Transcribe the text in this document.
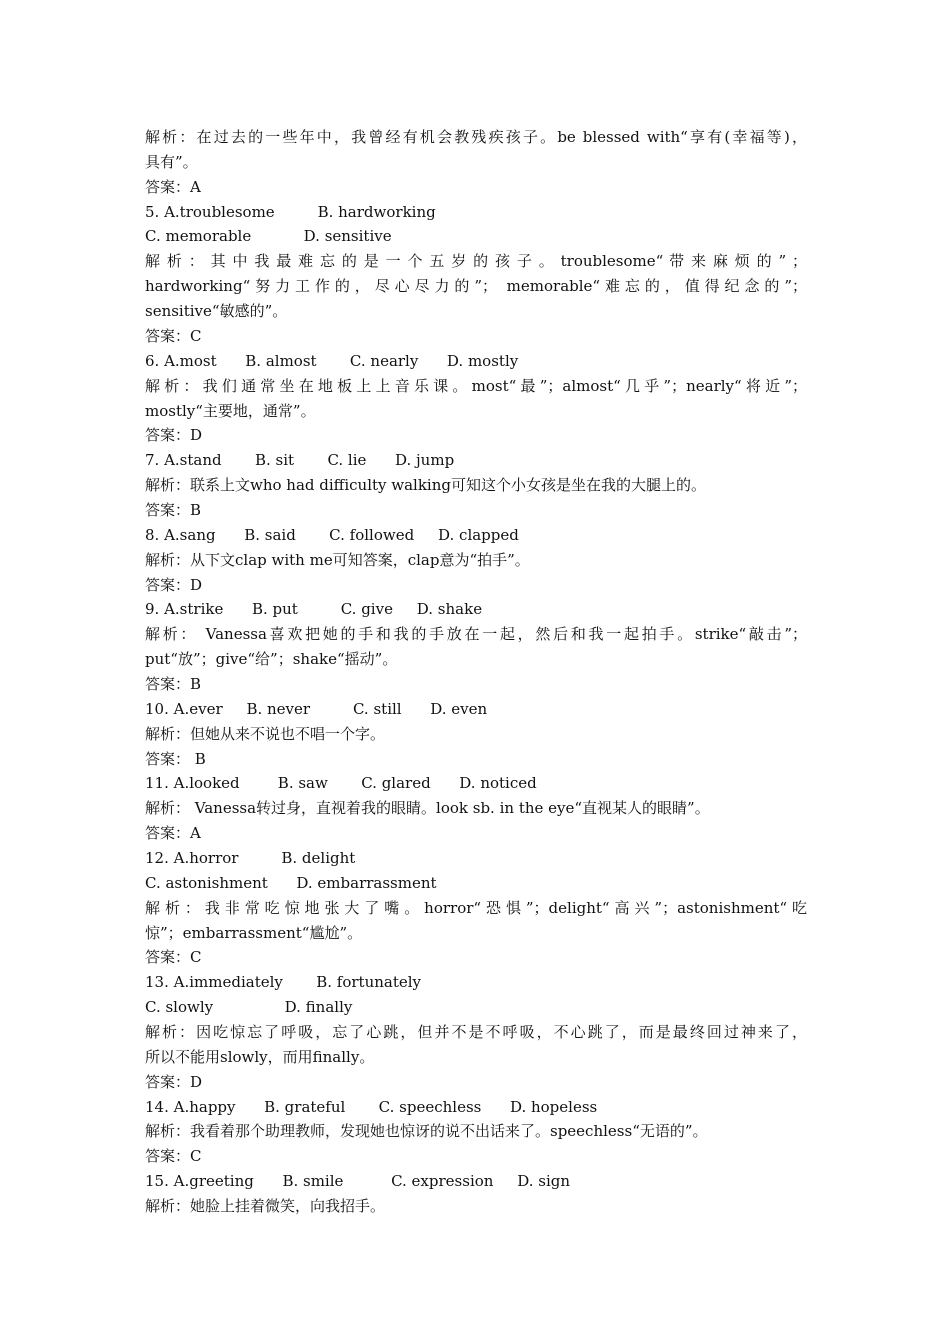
解析：在过去的一些年中，我曾经有机会教残疾孩子。be blessed with“享有(幸福等)，
具有”。
答案：A
5. A.troublesome         B. hardworking
C. memorable           D. sensitive
解 析 ： 其 中 我 最 难 忘 的 是 一 个 五 岁 的 孩 子 。 troublesome“ 带 来 麻 烦 的 ” ；
hardworking“努力工作的，尽心尽力的”； memorable“难忘的，值得纪念的”；
sensitive“敏感的”。
答案：C
6. A.most      B. almost       C. nearly      D. mostly
解析：我们通常坐在地板上上音乐课。most“最”；almost“几乎”；nearly“将近”；
mostly“主要地，通常”。
答案：D
7. A.stand       B. sit       C. lie      D. jump
解析：联系上文who had difficulty walking可知这个小女孩是坐在我的大腿上的。
答案：B
8. A.sang      B. said       C. followed     D. clapped
解析：从下文clap with me可知答案，clap意为“拍手”。
答案：D
9. A.strike      B. put         C. give     D. shake
解析： Vanessa喜欢把她的手和我的手放在一起，然后和我一起拍手。strike“敲击”；
put“放”；give“给”；shake“摇动”。
答案：B
10. A.ever     B. never         C. still      D. even
解析：但她从来不说也不唱一个字。
答案： B
11. A.looked        B. saw       C. glared      D. noticed
解析： Vanessa转过身，直视着我的眼睛。look sb. in the eye“直视某人的眼睛”。
答案：A
12. A.horror         B. delight
C. astonishment      D. embarrassment
解析：我非常吃惊地张大了嘴。horror“恐惧”；delight“高兴”；astonishment“吃
惊”；embarrassment“尴尬”。
答案：C
13. A.immediately       B. fortunately
C. slowly               D. finally
解析：因吃惊忘了呼吸，忘了心跳，但并不是不呼吸，不心跳了，而是最终回过神来了，
所以不能用slowly，而用finally。
答案：D
14. A.happy      B. grateful       C. speechless      D. hopeless
解析：我看着那个助理教师，发现她也惊讶的说不出话来了。speechless“无语的”。
答案：C
15. A.greeting      B. smile          C. expression     D. sign
解析：她脸上挂着微笑，向我招手。
